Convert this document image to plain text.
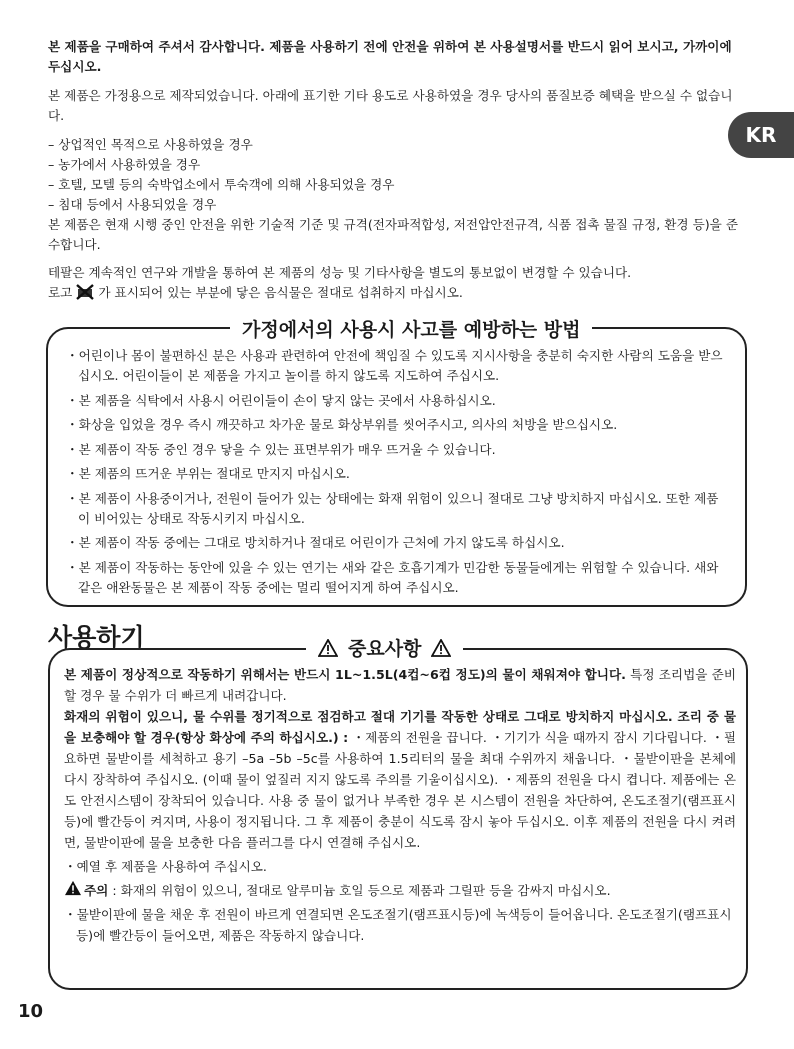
KR

본 제품을 구매하여 주셔서 감사합니다. 제품을 사용하기 전에 안전을 위하여 본 사용설명서를 반드시 읽어 보시고, 가까이에 두십시오.

본 제품은 가정용으로 제작되었습니다. 아래에 표기한 기타 용도로 사용하였을 경우 당사의 품질보증 혜택을 받으실 수 없습니다.

– 상업적인 목적으로 사용하였을 경우

– 농가에서 사용하였을 경우

– 호텔, 모텔 등의 숙박업소에서 투숙객에 의해 사용되었을 경우

– 침대 등에서 사용되었을 경우

본 제품은 현재 시행 중인 안전을 위한 기술적 기준 및 규격(전자파적합성, 저전압안전규격, 식품 접촉 물질 규정, 환경 등)을 준수합니다.

테팔은 계속적인 연구와 개발을 통하여 본 제품의 성능 및 기타사항을 별도의 통보없이 변경할 수 있습니다.

로고 가 표시되어 있는 부분에 닿은 음식물은 절대로 섭취하지 마십시오.

가정에서의 사용시 사고를 예방하는 방법
・어린이나 몸이 불편하신 분은 사용과 관련하여 안전에 책임질 수 있도록 지시사항을 충분히 숙지한 사람의 도움을 받으십시오. 어린이들이 본 제품을 가지고 놀이를 하지 않도록 지도하여 주십시오.
・본 제품을 식탁에서 사용시 어린이들이 손이 닿지 않는 곳에서 사용하십시오.
・화상을 입었을 경우 즉시 깨끗하고 차가운 물로 화상부위를 씻어주시고, 의사의 처방을 받으십시오.
・본 제품이 작동 중인 경우 닿을 수 있는 표면부위가 매우 뜨거울 수 있습니다.
・본 제품의 뜨거운 부위는 절대로 만지지 마십시오.
・본 제품이 사용중이거나, 전원이 들어가 있는 상태에는 화재 위험이 있으니 절대로 그냥 방치하지 마십시오. 또한 제품이 비어있는 상태로 작동시키지 마십시오.
・본 제품이 작동 중에는 그대로 방치하거나 절대로 어린이가 근처에 가지 않도록 하십시오.
・본 제품이 작동하는 동안에 있을 수 있는 연기는 새와 같은 호흡기계가 민감한 동물들에게는 위험할 수 있습니다. 새와 같은 애완동물은 본 제품이 작동 중에는 멀리 떨어지게 하여 주십시오.
사용하기	중요사항

본 제품이 정상적으로 작동하기 위해서는 반드시 1L~1.5L(4컵~6컵 정도)의 물이 채워져야 합니다. 특정 조리법을 준비할 경우 물 수위가 더 빠르게 내려갑니다.

화재의 위험이 있으니, 물 수위를 정기적으로 점검하고 절대 기기를 작동한 상태로 그대로 방치하지 마십시오. 조리 중 물을 보충해야 할 경우(항상 화상에 주의 하십시오.) : ・제품의 전원을 끕니다. ・기기가 식을 때까지 잠시 기다립니다. ・필요하면 물받이를 세척하고 용기 –5a –5b –5c를 사용하여 1.5리터의 물을 최대 수위까지 채웁니다. ・물받이판을 본체에 다시 장착하여 주십시오. (이때 물이 엎질러 지지 않도록 주의를 기울이십시오). ・제품의 전원을 다시 켭니다. 제품에는 온도 안전시스템이 장착되어 있습니다. 사용 중 물이 없거나 부족한 경우 본 시스템이 전원을 차단하여, 온도조절기(램프표시등)에 빨간등이 켜지며, 사용이 정지됩니다. 그 후 제품이 충분이 식도록 잠시 놓아 두십시오. 이후 제품의 전원을 다시 켜려면, 물받이판에 물을 보충한 다음 플러그를 다시 연결해 주십시오.

・예열 후 제품을 사용하여 주십시오.

주의 : 화재의 위험이 있으니, 절대로 알루미늄 호일 등으로 제품과 그릴판 등을 감싸지 마십시오.

・물받이판에 물을 채운 후 전원이 바르게 연결되면 온도조절기(램프표시등)에 녹색등이 들어옵니다. 온도조절기(램프표시등)에 빨간등이 들어오면, 제품은 작동하지 않습니다.

10
